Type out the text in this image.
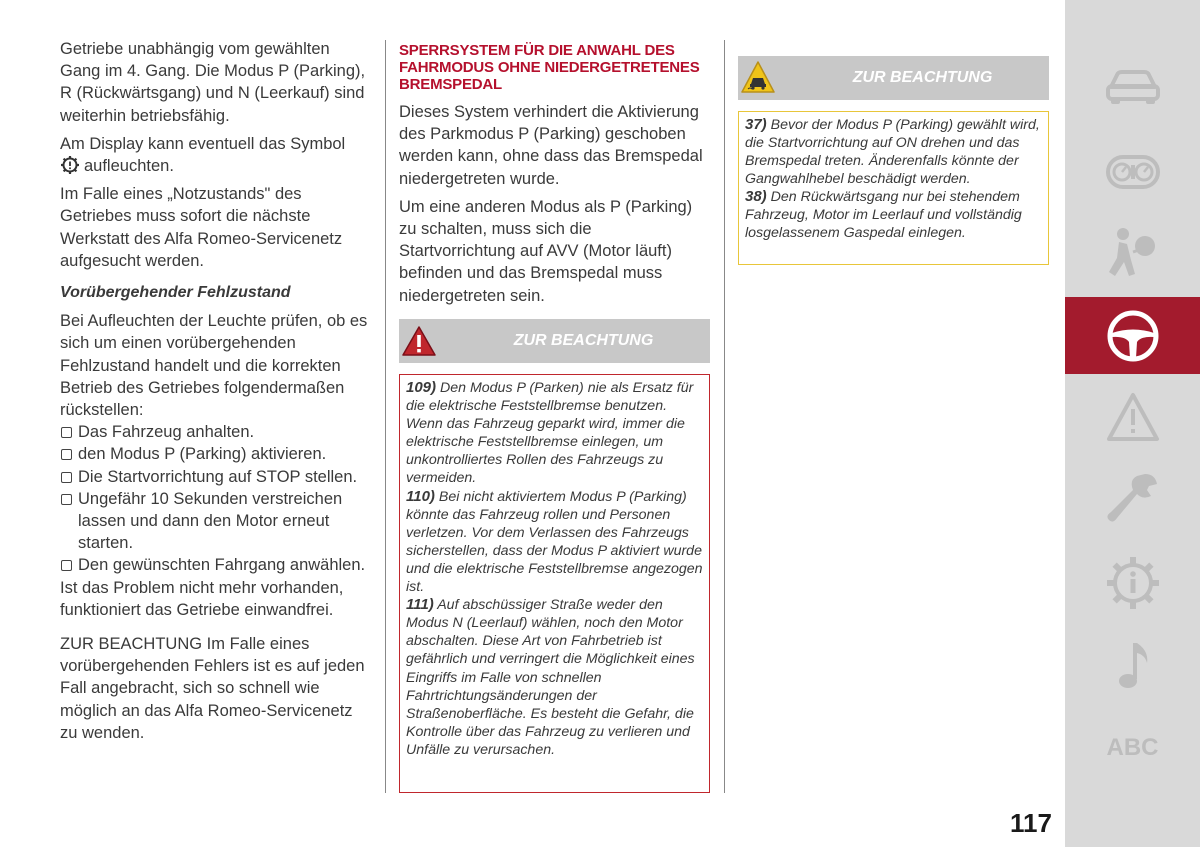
Getriebe unabhängig vom gewählten Gang im 4. Gang. Die Modus P (Parking), R (Rückwärtsgang) und N (Leerkauf) sind weiterhin betriebsfähig.

Am Display kann eventuell das Symbol aufleuchten.

Im Falle eines „Notzustands" des Getriebes muss sofort die nächste Werkstatt des Alfa Romeo-Servicenetz aufgesucht werden.

Vorübergehender Fehlzustand

Bei Aufleuchten der Leuchte prüfen, ob es sich um einen vorübergehenden Fehlzustand handelt und die korrekten Betrieb des Getriebes folgendermaßen rückstellen:

Das Fahrzeug anhalten.
den Modus P (Parking) aktivieren.
Die Startvorrichtung auf STOP stellen.
Ungefähr 10 Sekunden verstreichen lassen und dann den Motor erneut starten.
Den gewünschten Fahrgang anwählen.

Ist das Problem nicht mehr vorhanden, funktioniert das Getriebe einwandfrei.

ZUR BEACHTUNG Im Falle eines vorübergehenden Fehlers ist es auf jeden Fall angebracht, sich so schnell wie möglich an das Alfa Romeo-Servicenetz zu wenden.

SPERRSYSTEM FÜR DIE ANWAHL DES FAHRMODUS OHNE NIEDERGETRETENES BREMSPEDAL

Dieses System verhindert die Aktivierung des Parkmodus P (Parking) geschoben werden kann, ohne dass das Bremspedal niedergetreten wurde.

Um eine anderen Modus als P (Parking) zu schalten, muss sich die Startvorrichtung auf AVV (Motor läuft) befinden und das Bremspedal muss niedergetreten sein.

ZUR BEACHTUNG

109) Den Modus P (Parken) nie als Ersatz für die elektrische Feststellbremse benutzen. Wenn das Fahrzeug geparkt wird, immer die elektrische Feststellbremse einlegen, um unkontrolliertes Rollen des Fahrzeugs zu vermeiden.

110) Bei nicht aktiviertem Modus P (Parking) könnte das Fahrzeug rollen und Personen verletzen. Vor dem Verlassen des Fahrzeugs sicherstellen, dass der Modus P aktiviert wurde und die elektrische Feststellbremse angezogen ist.

111) Auf abschüssiger Straße weder den Modus N (Leerlauf) wählen, noch den Motor abschalten. Diese Art von Fahrbetrieb ist gefährlich und verringert die Möglichkeit eines Eingriffs im Falle von schnellen Fahrtrichtungsänderungen der Straßenoberfläche. Es besteht die Gefahr, die Kontrolle über das Fahrzeug zu verlieren und Unfälle zu verursachen.

ZUR BEACHTUNG

37) Bevor der Modus P (Parking) gewählt wird, die Startvorrichtung auf ON drehen und das Bremspedal treten. Änderenfalls könnte der Gangwahlhebel beschädigt werden.

38) Den Rückwärtsgang nur bei stehendem Fahrzeug, Motor im Leerlauf und vollständig losgelassenem Gaspedal einlegen.

ABC
117
